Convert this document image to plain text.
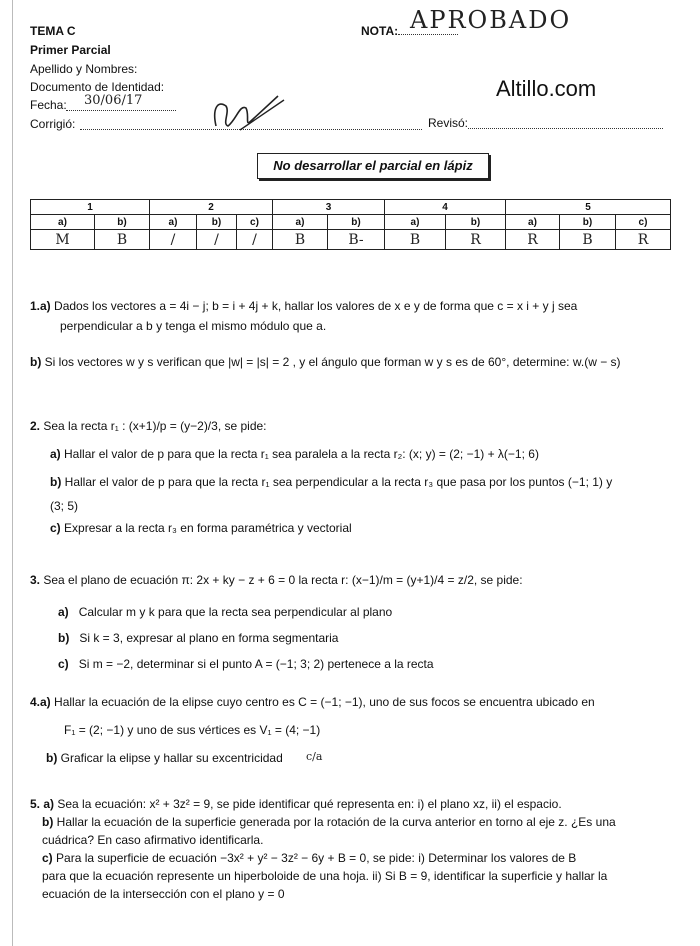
TEMA C
Primer Parcial
Apellido y Nombres:
Documento de Identidad:
Fecha: 30/06/17
Corrigió:	Revisó:
NOTA: APROBADO
Altillo.com
No desarrollar el parcial en lápiz
1		2			3		4		5		
a)	b)	a)	b)	c)	a)	b)	a)	b)	a)	b)	c)
M	B	/	/	/	B	B-	B	R	R	B	R
1.a) Dados los vectores a = 4i − j; b = i + 4j + k, hallar los valores de x e y de forma que c = x i + y j sea
perpendicular a b y tenga el mismo módulo que a.
b) Si los vectores w y s verifican que |w| = |s| = 2 , y el ángulo que forman w y s es de 60°, determine: w.(w − s)
2. Sea la recta r₁ : (x+1)/p = (y−2)/3, se pide:
a) Hallar el valor de p para que la recta r₁ sea paralela a la recta r₂: (x; y) = (2; −1) + λ(−1; 6)
b) Hallar el valor de p para que la recta r₁ sea perpendicular a la recta r₃ que pasa por los puntos (−1; 1) y
(3; 5)
c) Expresar a la recta r₃ en forma paramétrica y vectorial
3. Sea el plano de ecuación π: 2x + ky − z + 6 = 0 la recta r: (x−1)/m = (y+1)/4 = z/2, se pide:
a) Calcular m y k para que la recta sea perpendicular al plano
b) Si k = 3, expresar al plano en forma segmentaria
c) Si m = −2, determinar si el punto A = (−1; 3; 2) pertenece a la recta
4.a) Hallar la ecuación de la elipse cuyo centro es C = (−1; −1), uno de sus focos se encuentra ubicado en
F₁ = (2; −1) y uno de sus vértices es V₁ = (4; −1)
b) Graficar la elipse y hallar su excentricidad c/a
5. a) Sea la ecuación: x² + 3z² = 9, se pide identificar qué representa en: i) el plano xz, ii) el espacio.
b) Hallar la ecuación de la superficie generada por la rotación de la curva anterior en torno al eje z. ¿Es una
cuádrica? En caso afirmativo identificarla.
c) Para la superficie de ecuación −3x² + y² − 3z² − 6y + B = 0, se pide: i) Determinar los valores de B
para que la ecuación represente un hiperboloide de una hoja. ii) Si B = 9, identificar la superficie y hallar la
ecuación de la intersección con el plano y = 0
